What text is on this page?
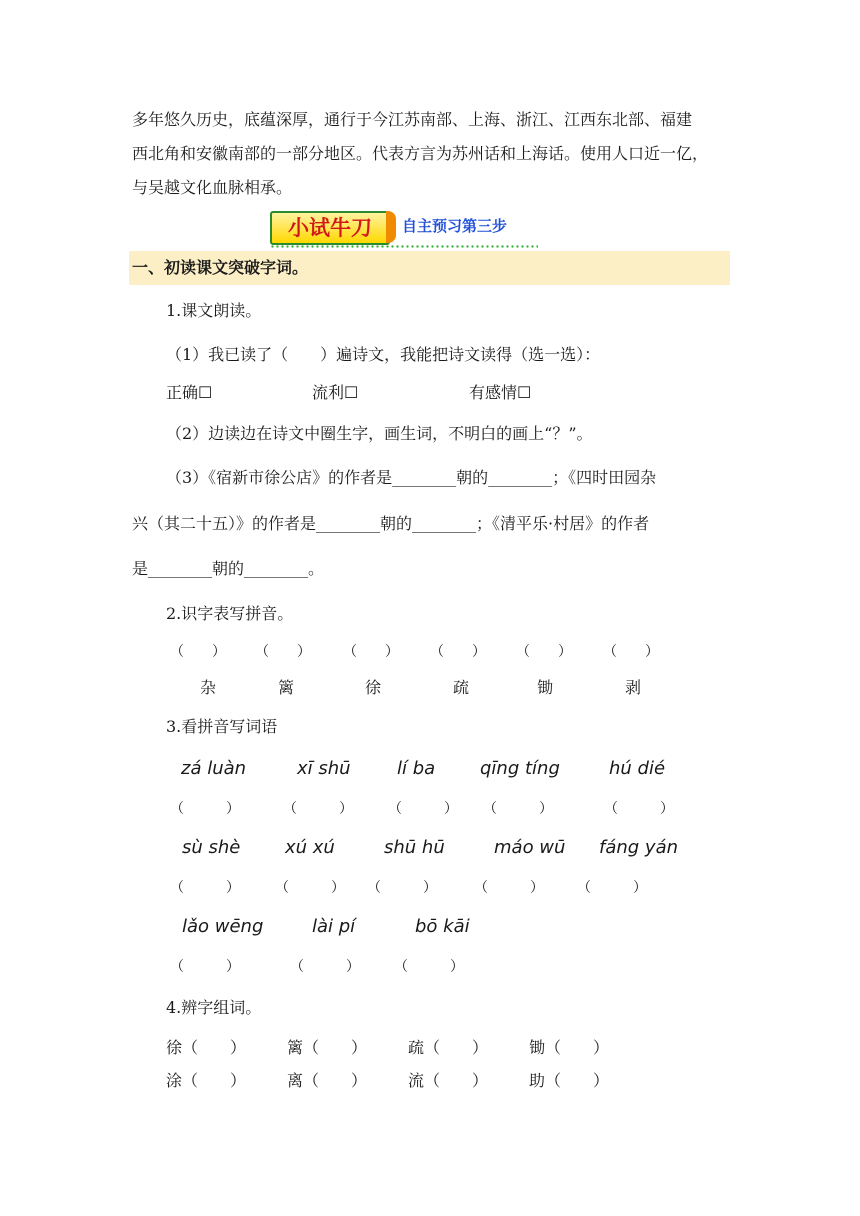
多年悠久历史，底蕴深厚，通行于今江苏南部、上海、浙江、江西东北部、福建
西北角和安徽南部的一部分地区。代表方言为苏州话和上海话。使用人口近一亿，
与吴越文化血脉相承。
小试牛刀	自主预习第三步
一、初读课文突破字词。
1.课文朗读。
（1）我已读了（　　）遍诗文，我能把诗文读得（选一选）：
正确☐	流利☐	有感情☐
（2）边读边在诗文中圈生字，画生词，不明白的画上“？”。
（3）《宿新市徐公店》的作者是________朝的________；《四时田园杂
兴（其二十五）》的作者是________朝的________；《清平乐·村居》的作者
是________朝的________。
2.识字表写拼音。
（　　） （　　） （　　） （　　） （　　） （　　）
杂	篱	徐	疏	锄	剥
3.看拼音写词语
zá luàn	xī shū	lí ba qīng tíng	hú dié
（　　　）	（　　　）	（　　　） （　　　）	（　　　）
sù shè xú xú	shū hū	máo wū fáng yán
（　　　）	（　　　） （　　　）	（　　　） （　　　）
lǎo wēng	lài pí	bō kāi
（　　　）	（　　　） （　　　）
4.辨字组词。
徐（　　）	篱（　　）	疏（　　）	锄（　　）
涂（　　）	离（　　）	流（　　）	助（　　）
